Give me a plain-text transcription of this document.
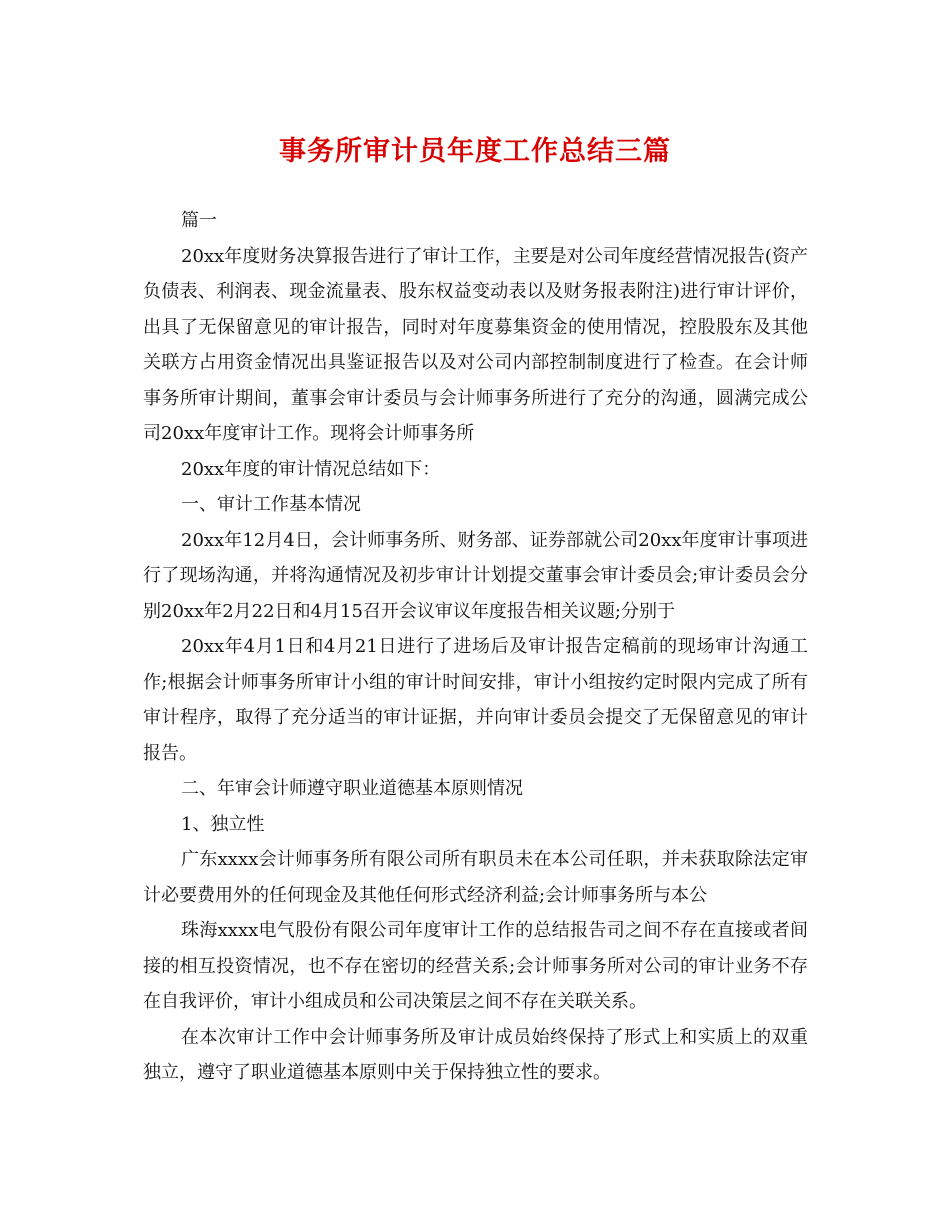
事务所审计员年度工作总结三篇

篇一

20xx年度财务决算报告进行了审计工作，主要是对公司年度经营情况报告(资产负债表、利润表、现金流量表、股东权益变动表以及财务报表附注)进行审计评价，出具了无保留意见的审计报告，同时对年度募集资金的使用情况，控股股东及其他关联方占用资金情况出具鉴证报告以及对公司内部控制制度进行了检查。在会计师事务所审计期间，董事会审计委员与会计师事务所进行了充分的沟通，圆满完成公司20xx年度审计工作。现将会计师事务所

20xx年度的审计情况总结如下：

一、审计工作基本情况

20xx年12月4日，会计师事务所、财务部、证券部就公司20xx年度审计事项进行了现场沟通，并将沟通情况及初步审计计划提交董事会审计委员会;审计委员会分别20xx年2月22日和4月15召开会议审议年度报告相关议题;分别于

20xx年4月1日和4月21日进行了进场后及审计报告定稿前的现场审计沟通工作;根据会计师事务所审计小组的审计时间安排，审计小组按约定时限内完成了所有审计程序，取得了充分适当的审计证据，并向审计委员会提交了无保留意见的审计报告。

二、年审会计师遵守职业道德基本原则情况

1、独立性

广东xxxx会计师事务所有限公司所有职员未在本公司任职，并未获取除法定审计必要费用外的任何现金及其他任何形式经济利益;会计师事务所与本公

珠海xxxx电气股份有限公司年度审计工作的总结报告司之间不存在直接或者间接的相互投资情况，也不存在密切的经营关系;会计师事务所对公司的审计业务不存在自我评价，审计小组成员和公司决策层之间不存在关联关系。

在本次审计工作中会计师事务所及审计成员始终保持了形式上和实质上的双重独立，遵守了职业道德基本原则中关于保持独立性的要求。
